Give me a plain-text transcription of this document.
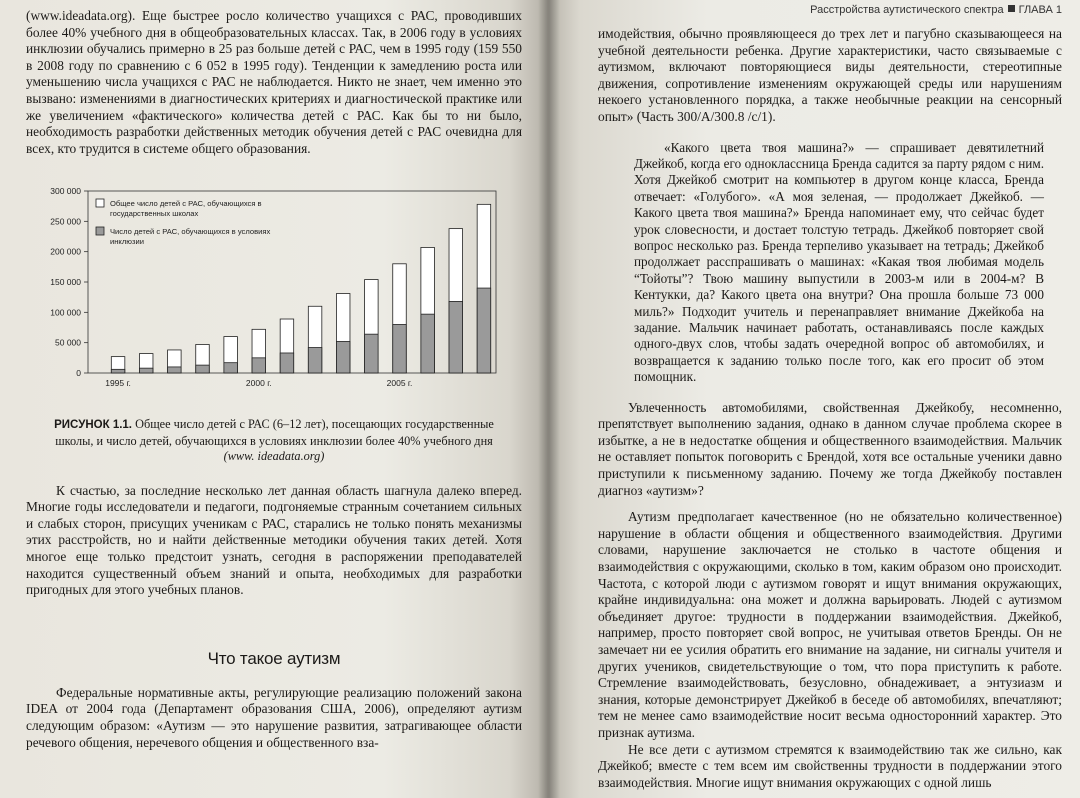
(www.ideadata.org). Еще быстрее росло количество учащихся с РАС, проводивших более 40% учебного дня в общеобразовательных классах. Так, в 2006 году в условиях инклюзии обучались примерно в 25 раз больше детей с РАС, чем в 1995 году (159 550 в 2008 году по сравнению с 6 052 в 1995 году). Тенденции к замедлению роста или уменьшению числа учащихся с РАС не наблюдается. Никто не знает, чем именно это вызвано: изменениями в диагностических критериях и диагностической практике или же увеличением «фактического» количества детей с РАС. Как бы то ни было, необходимость разработки действенных методик обучения детей с РАС очевидна для всех, кто трудится в системе общего образования.

0
50 000
100 000
150 000
200 000
250 000
300 000
1995 г.	2000 г.	2005 г.
Общее число детей с РАС, обучающихся в
государственных школах
Число детей с РАС, обучающихся в условиях
инклюзии
РИСУНОК 1.1. Общее число детей с РАС (6–12 лет), посещающих государственные школы, и число детей, обучающихся в условиях инклюзии более 40% учебного дня
(www. ideadata.org)

К счастью, за последние несколько лет данная область шагнула далеко вперед. Многие годы исследователи и педагоги, подгоняемые странным сочетанием сильных и слабых сторон, присущих ученикам с РАС, старались не только понять механизмы этих расстройств, но и найти действенные методики обучения таких детей. Хотя многое еще только предстоит узнать, сегодня в распоряжении преподавателей находится существенный объем знаний и опыта, необходимых для разработки пригодных для этого учебных планов.

Что такое аутизм

Федеральные нормативные акты, регулирующие реализацию положений закона IDEA от 2004 года (Департамент образования США, 2006), определяют аутизм следующим образом: «Аутизм — это нарушение развития, затрагивающее области речевого общения, неречевого общения и общественного вза-

Расстройства аутистического спектра ГЛАВА 1

имодействия, обычно проявляющееся до трех лет и пагубно сказывающееся на учебной деятельности ребенка. Другие характеристики, часто связываемые с аутизмом, включают повторяющиеся виды деятельности, стереотипные движения, сопротивление изменениям окружающей среды или нарушениям некоего установленного порядка, а также необычные реакции на сенсорный опыт» (Часть 300/A/300.8 /c/1).

«Какого цвета твоя машина?» — спрашивает девятилетний Джейкоб, когда его одноклассница Бренда садится за парту рядом с ним. Хотя Джейкоб смотрит на компьютер в другом конце класса, Бренда отвечает: «Голубого». «А моя зеленая, — продолжает Джейкоб. — Какого цвета твоя машина?» Бренда напоминает ему, что сейчас будет урок словесности, и достает толстую тетрадь. Джейкоб повторяет свой вопрос несколько раз. Бренда терпеливо указывает на тетрадь; Джейкоб продолжает расспрашивать о машинах: «Какая твоя любимая модель “Тойоты”? Твою машину выпустили в 2003-м или в 2004-м? В Кентукки, да? Какого цвета она внутри? Она прошла больше 73 000 миль?» Подходит учитель и перенаправляет внимание Джейкоба на задание. Мальчик начинает работать, останавливаясь после каждых одного-двух слов, чтобы задать очередной вопрос об автомобилях, и возвращается к заданию только после того, как его просит об этом помощник.

Увлеченность автомобилями, свойственная Джейкобу, несомненно, препятствует выполнению задания, однако в данном случае проблема скорее в избытке, а не в недостатке общения и общественного взаимодействия. Мальчик не оставляет попыток поговорить с Брендой, хотя все остальные ученики давно приступили к письменному заданию. Почему же тогда Джейкобу поставлен диагноз «аутизм»?

Аутизм предполагает качественное (но не обязательно количественное) нарушение в области общения и общественного взаимодействия. Другими словами, нарушение заключается не столько в частоте общения и взаимодействия с окружающими, сколько в том, каким образом оно происходит. Частота, с которой люди с аутизмом говорят и ищут внимания окружающих, крайне индивидуальна: она может и должна варьировать. Людей с аутизмом объединяет другое: трудности в поддержании взаимодействия. Джейкоб, например, просто повторяет свой вопрос, не учитывая ответов Бренды. Он не замечает ни ее усилия обратить его внимание на задание, ни сигналы учителя и других учеников, свидетельствующие о том, что пора приступить к работе. Стремление взаимодействовать, безусловно, обнадеживает, а энтузиазм и знания, которые демонстрирует Джейкоб в беседе об автомобилях, впечатляют; тем не менее само взаимодействие носит весьма односторонний характер. Это признак аутизма.

Не все дети с аутизмом стремятся к взаимодействию так же сильно, как Джейкоб; вместе с тем всем им свойственны трудности в поддержании этого взаимодействия. Многие ищут внимания окружающих с одной лишь
